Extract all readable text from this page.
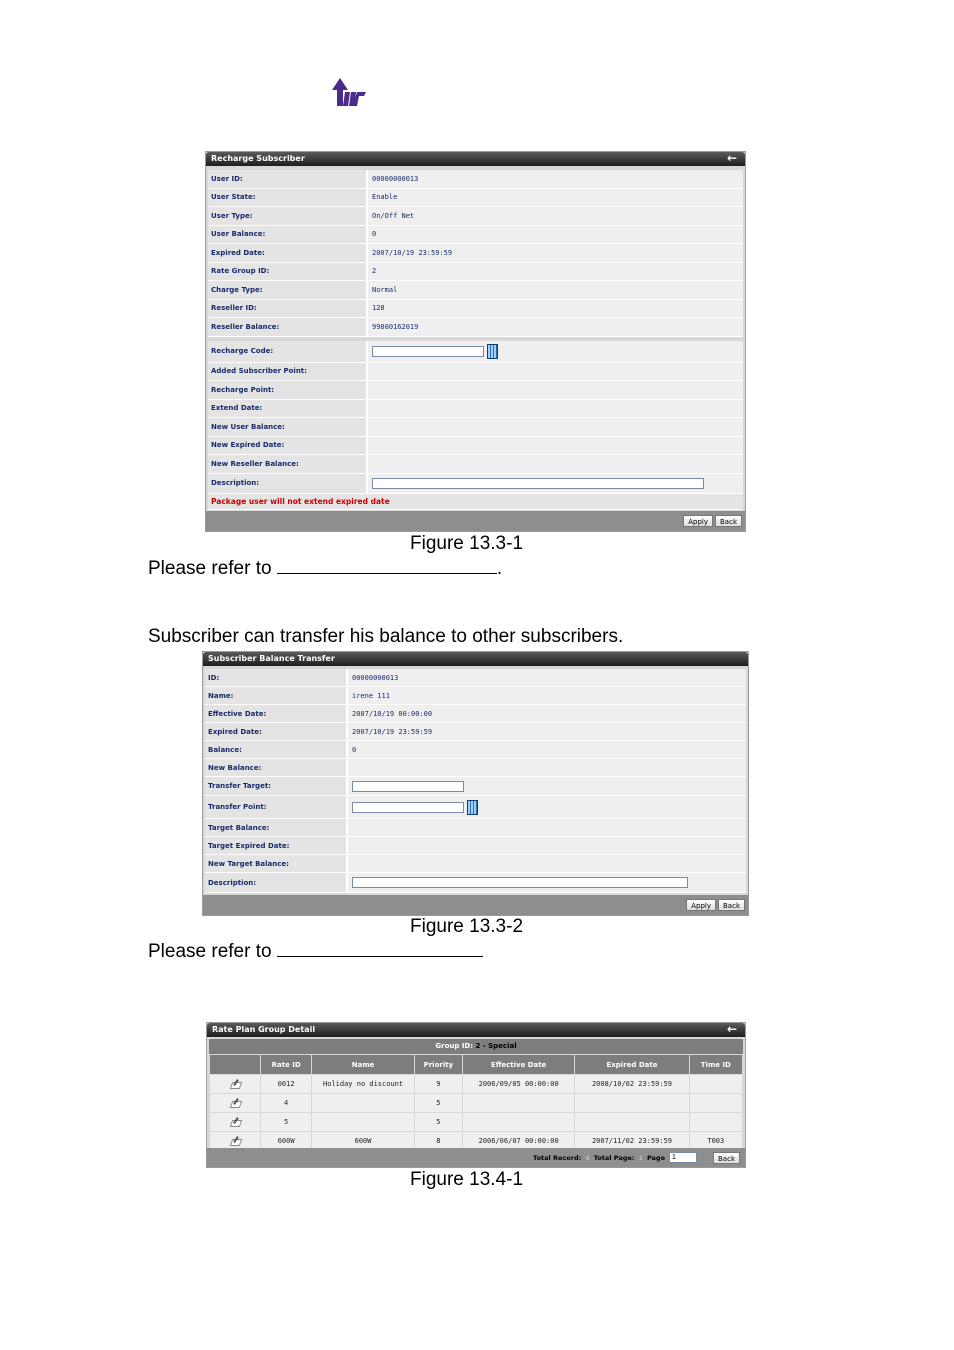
Recharge Subscriber	←
User ID:	00000000013
User State:	Enable
User Type:	On/Off Net
User Balance:	0
Expired Date:	2007/10/19 23:59:59
Rate Group ID:	2
Charge Type:	Normal
Reseller ID:	128
Reseller Balance:	99800162019
Recharge Code:
Added Subscriber Point:
Recharge Point:
Extend Date:
New User Balance:
New Expired Date:
New Reseller Balance:
Description:
Package user will not extend expired date
Apply	Back
Figure 13.3-1
Please refer to	.
Subscriber can transfer his balance to other subscribers.
Subscriber Balance Transfer
ID:	00000000013
Name:	irene 111
Effective Date:	2007/10/19 00:00:00
Expired Date:	2007/10/19 23:59:59
Balance:	0
New Balance:
Transfer Target:
Transfer Point:
Target Balance:
Target Expired Date:
New Target Balance:
Description:
Apply	Back
Figure 13.3-2
Please refer to
Rate Plan Group Detail	←
Group ID: 2 - Special
	Rate ID	Name	Priority	Effective Date	Expired Date	Time ID
	0012	Holiday no discount	9	2006/09/05 00:00:00	2008/10/02 23:59:59	
	4		5			
	5		5			
	600W	600W	8	2006/06/07 00:00:00	2007/11/02 23:59:59	T003
Total Record: 4 Total Page: 1 Page
1	Back
Figure 13.4-1
